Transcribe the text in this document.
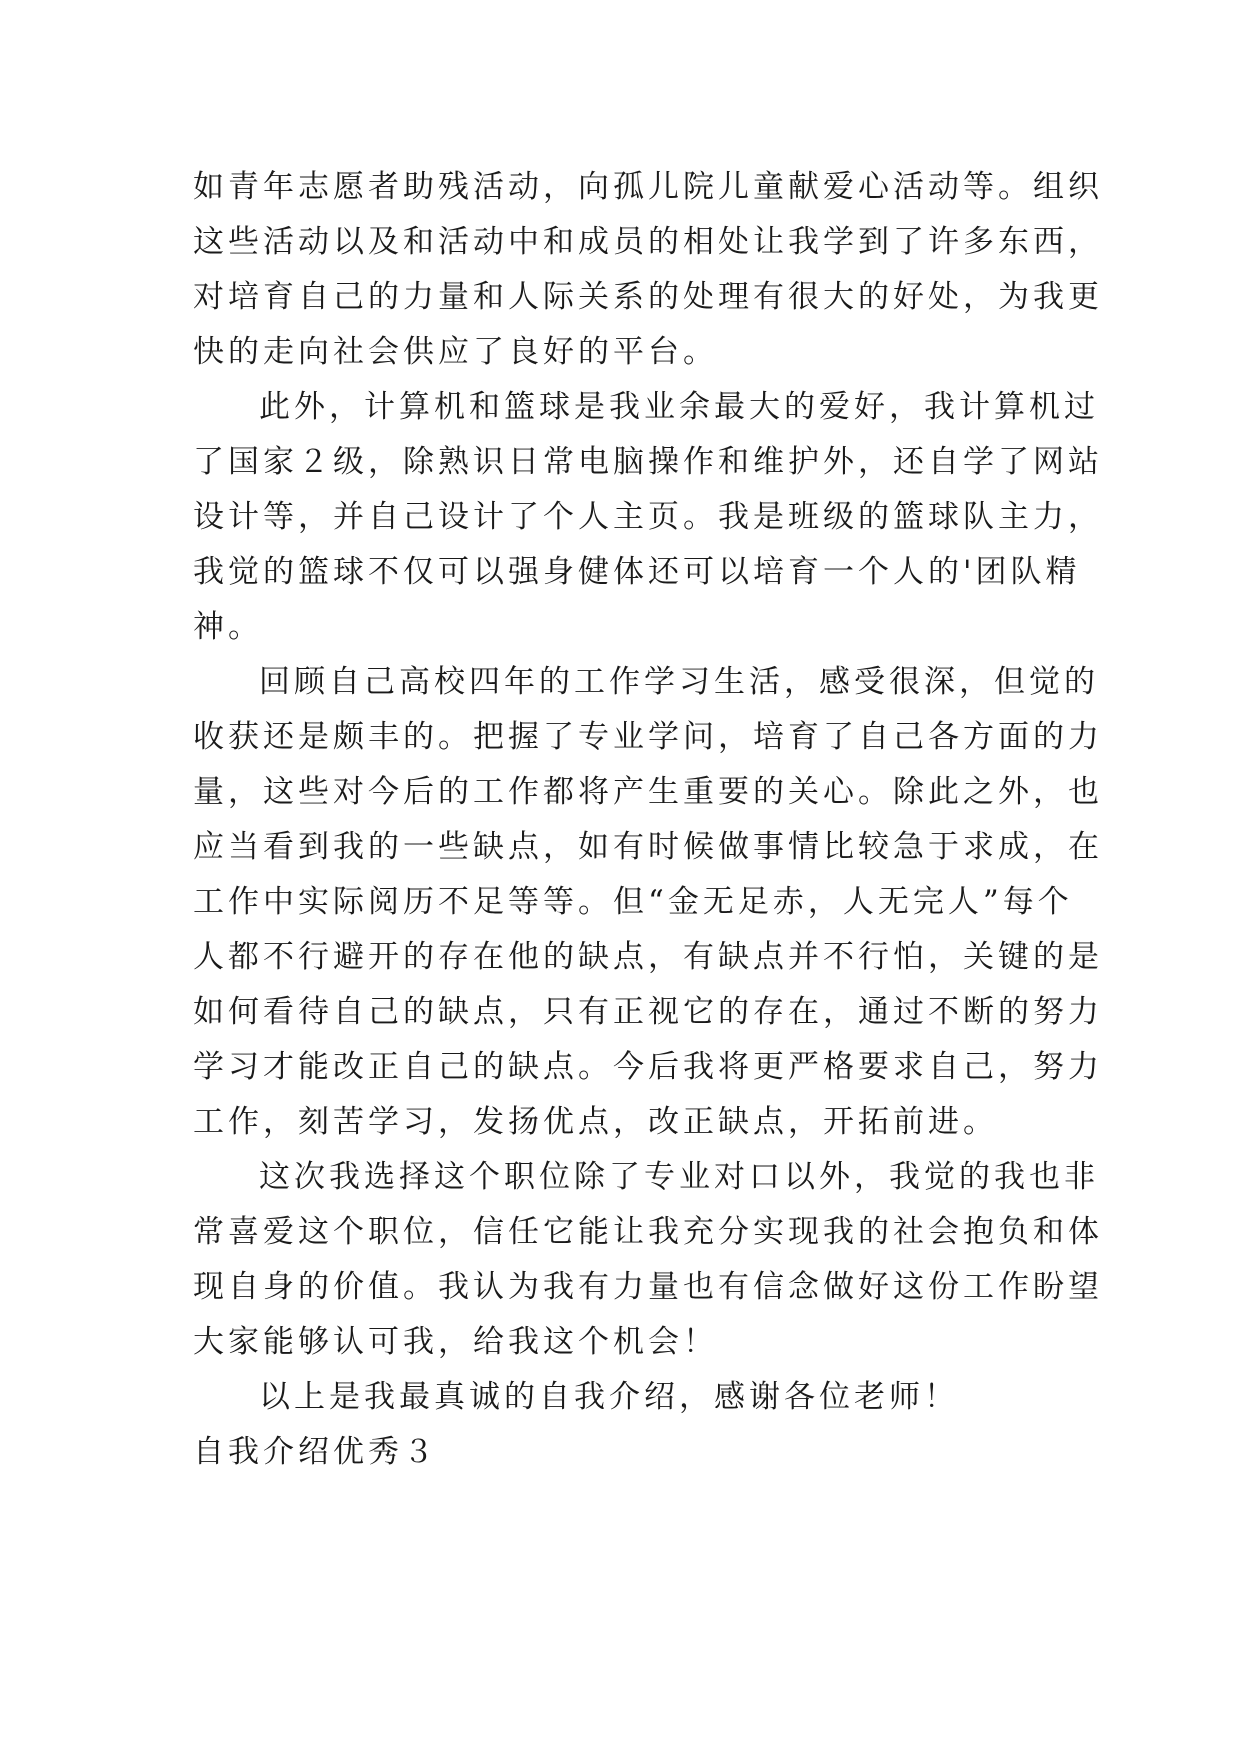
如青年志愿者助残活动，向孤儿院儿童献爱心活动等。组织
这些活动以及和活动中和成员的相处让我学到了许多东西，
对培育自己的力量和人际关系的处理有很大的好处，为我更
快的走向社会供应了良好的平台。

此外，计算机和篮球是我业余最大的爱好，我计算机过
了国家２级，除熟识日常电脑操作和维护外，还自学了网站
设计等，并自己设计了个人主页。我是班级的篮球队主力，
我觉的篮球不仅可以强身健体还可以培育一个人的'团队精
神。

回顾自己高校四年的工作学习生活，感受很深，但觉的
收获还是颇丰的。把握了专业学问，培育了自己各方面的力
量，这些对今后的工作都将产生重要的关心。除此之外，也
应当看到我的一些缺点，如有时候做事情比较急于求成，在
工作中实际阅历不足等等。但“金无足赤，人无完人”每个
人都不行避开的存在他的缺点，有缺点并不行怕，关键的是
如何看待自己的缺点，只有正视它的存在，通过不断的努力
学习才能改正自己的缺点。今后我将更严格要求自己，努力
工作，刻苦学习，发扬优点，改正缺点，开拓前进。

这次我选择这个职位除了专业对口以外，我觉的我也非
常喜爱这个职位，信任它能让我充分实现我的社会抱负和体
现自身的价值。我认为我有力量也有信念做好这份工作盼望
大家能够认可我，给我这个机会！

以上是我最真诚的自我介绍，感谢各位老师！

自我介绍优秀３
